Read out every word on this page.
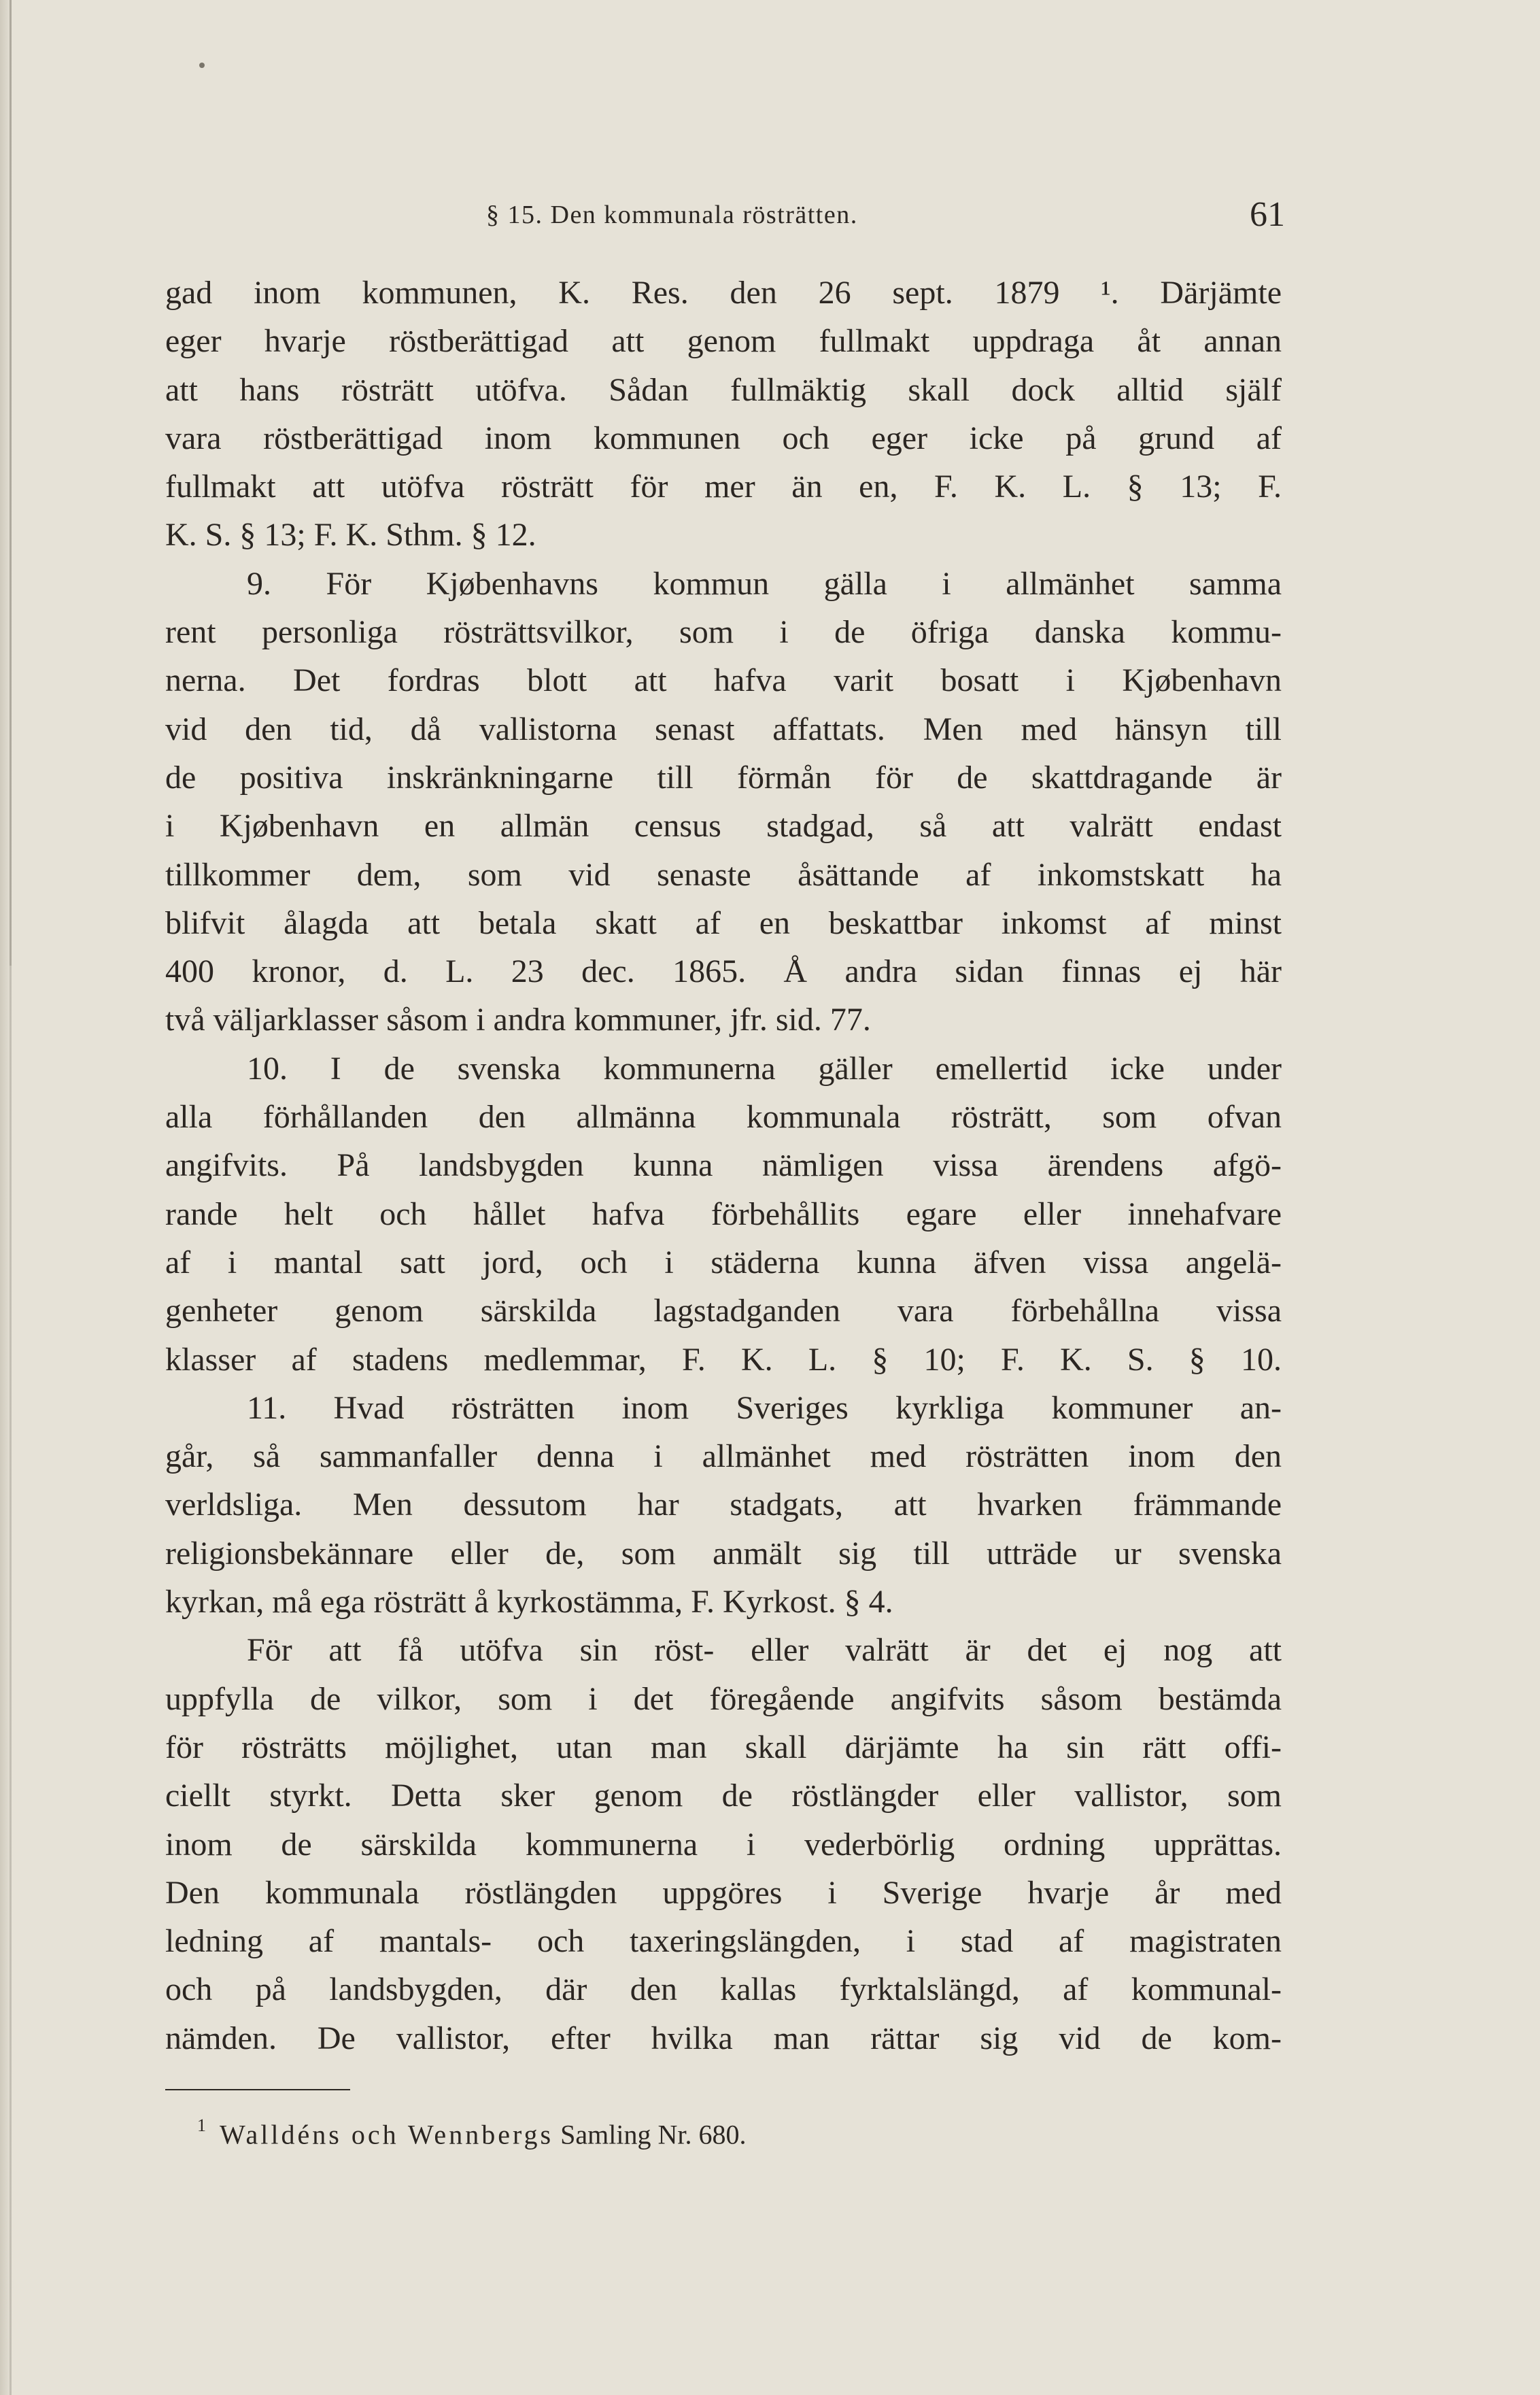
§ 15. Den kommunala rösträtten.	61
gad inom kommunen, K. Res. den 26 sept. 1879 ¹. Därjämte
eger hvarje röstberättigad att genom fullmakt uppdraga åt annan
att hans rösträtt utöfva. Sådan fullmäktig skall dock alltid själf
vara röstberättigad inom kommunen och eger icke på grund af
fullmakt att utöfva rösträtt för mer än en, F. K. L. § 13; F.
K. S. § 13; F. K. Sthm. § 12.
9. För Kjøbenhavns kommun gälla i allmänhet samma
rent personliga rösträttsvilkor, som i de öfriga danska kommu-
nerna. Det fordras blott att hafva varit bosatt i Kjøbenhavn
vid den tid, då vallistorna senast affattats. Men med hänsyn till
de positiva inskränkningarne till förmån för de skattdragande är
i Kjøbenhavn en allmän census stadgad, så att valrätt endast
tillkommer dem, som vid senaste åsättande af inkomstskatt ha
blifvit ålagda att betala skatt af en beskattbar inkomst af minst
400 kronor, d. L. 23 dec. 1865. Å andra sidan finnas ej här
två väljarklasser såsom i andra kommuner, jfr. sid. 77.
10. I de svenska kommunerna gäller emellertid icke under
alla förhållanden den allmänna kommunala rösträtt, som ofvan
angifvits. På landsbygden kunna nämligen vissa ärendens afgö-
rande helt och hållet hafva förbehållits egare eller innehafvare
af i mantal satt jord, och i städerna kunna äfven vissa angelä-
genheter genom särskilda lagstadganden vara förbehållna vissa
klasser af stadens medlemmar, F. K. L. § 10; F. K. S. § 10.
11. Hvad rösträtten inom Sveriges kyrkliga kommuner an-
går, så sammanfaller denna i allmänhet med rösträtten inom den
verldsliga. Men dessutom har stadgats, att hvarken främmande
religionsbekännare eller de, som anmält sig till utträde ur svenska
kyrkan, må ega rösträtt å kyrkostämma, F. Kyrkost. § 4.
För att få utöfva sin röst- eller valrätt är det ej nog att
uppfylla de vilkor, som i det föregående angifvits såsom bestämda
för rösträtts möjlighet, utan man skall därjämte ha sin rätt offi-
ciellt styrkt. Detta sker genom de röstlängder eller vallistor, som
inom de särskilda kommunerna i vederbörlig ordning upprättas.
Den kommunala röstlängden uppgöres i Sverige hvarje år med
ledning af mantals- och taxeringslängden, i stad af magistraten
och på landsbygden, där den kallas fyrktalslängd, af kommunal-
nämden. De vallistor, efter hvilka man rättar sig vid de kom-
$^1$ Walldéns och Wennbergs Samling Nr. 680.
